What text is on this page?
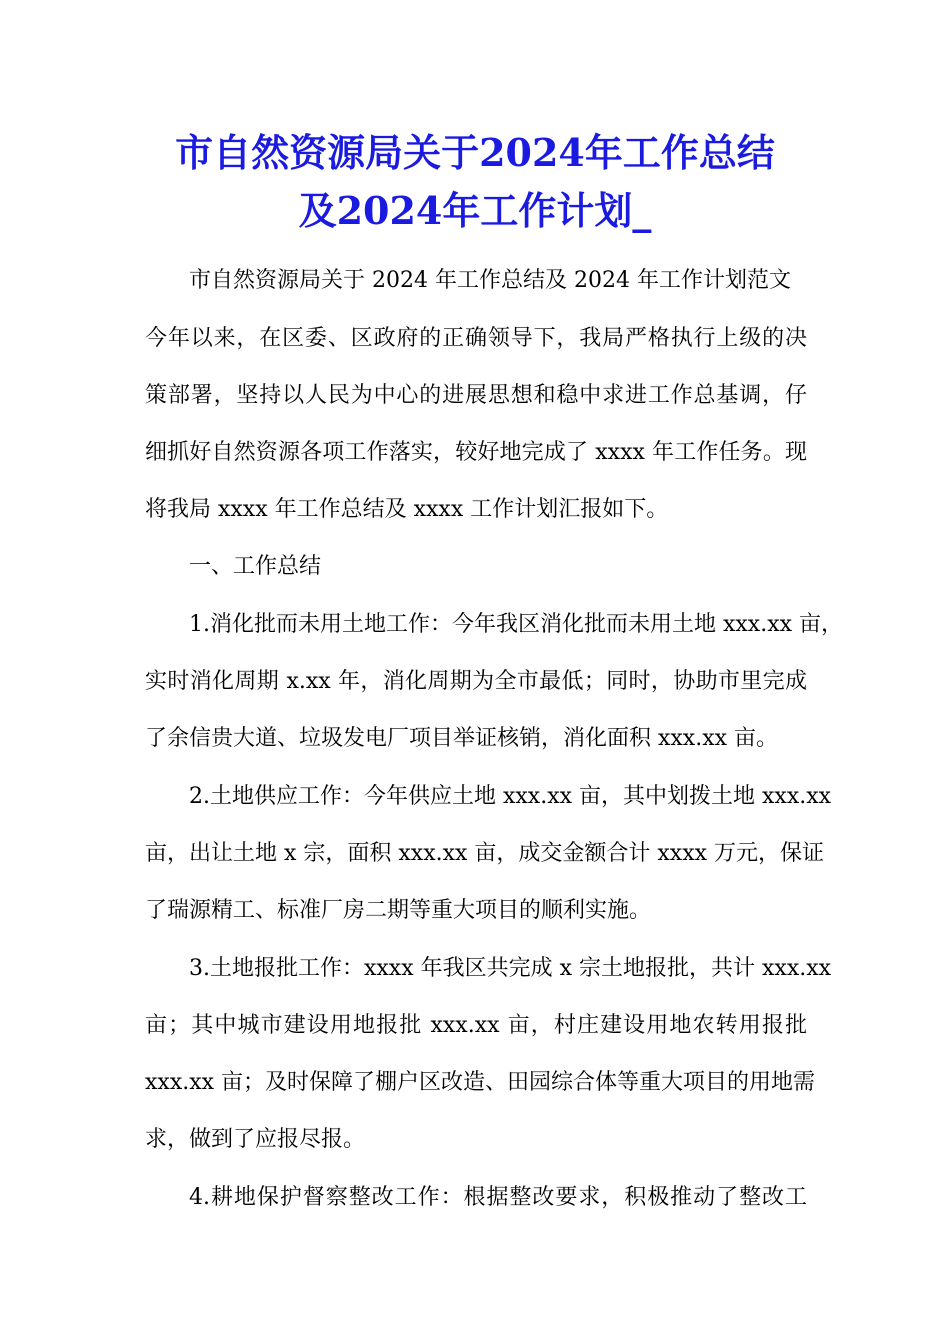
市自然资源局关于2024年工作总结
及2024年工作计划_
市自然资源局关于 2024 年工作总结及 2024 年工作计划范文
今年以来，在区委、区政府的正确领导下，我局严格执行上级的决
策部署，坚持以人民为中心的进展思想和稳中求进工作总基调，仔
细抓好自然资源各项工作落实，较好地完成了 xxxx 年工作任务。现
将我局 xxxx 年工作总结及 xxxx 工作计划汇报如下。
一、工作总结
1.消化批而未用土地工作：今年我区消化批而未用土地 xxx.xx 亩，
实时消化周期 x.xx 年，消化周期为全市最低；同时，协助市里完成
了余信贵大道、垃圾发电厂项目举证核销，消化面积 xxx.xx 亩。
2.土地供应工作：今年供应土地 xxx.xx 亩，其中划拨土地 xxx.xx
亩，出让土地 x 宗，面积 xxx.xx 亩，成交金额合计 xxxx 万元，保证
了瑞源精工、标准厂房二期等重大项目的顺利实施。
3.土地报批工作：xxxx 年我区共完成 x 宗土地报批，共计 xxx.xx
亩；其中城市建设用地报批 xxx.xx 亩，村庄建设用地农转用报批
xxx.xx 亩；及时保障了棚户区改造、田园综合体等重大项目的用地需
求，做到了应报尽报。
4.耕地保护督察整改工作：根据整改要求，积极推动了整改工
